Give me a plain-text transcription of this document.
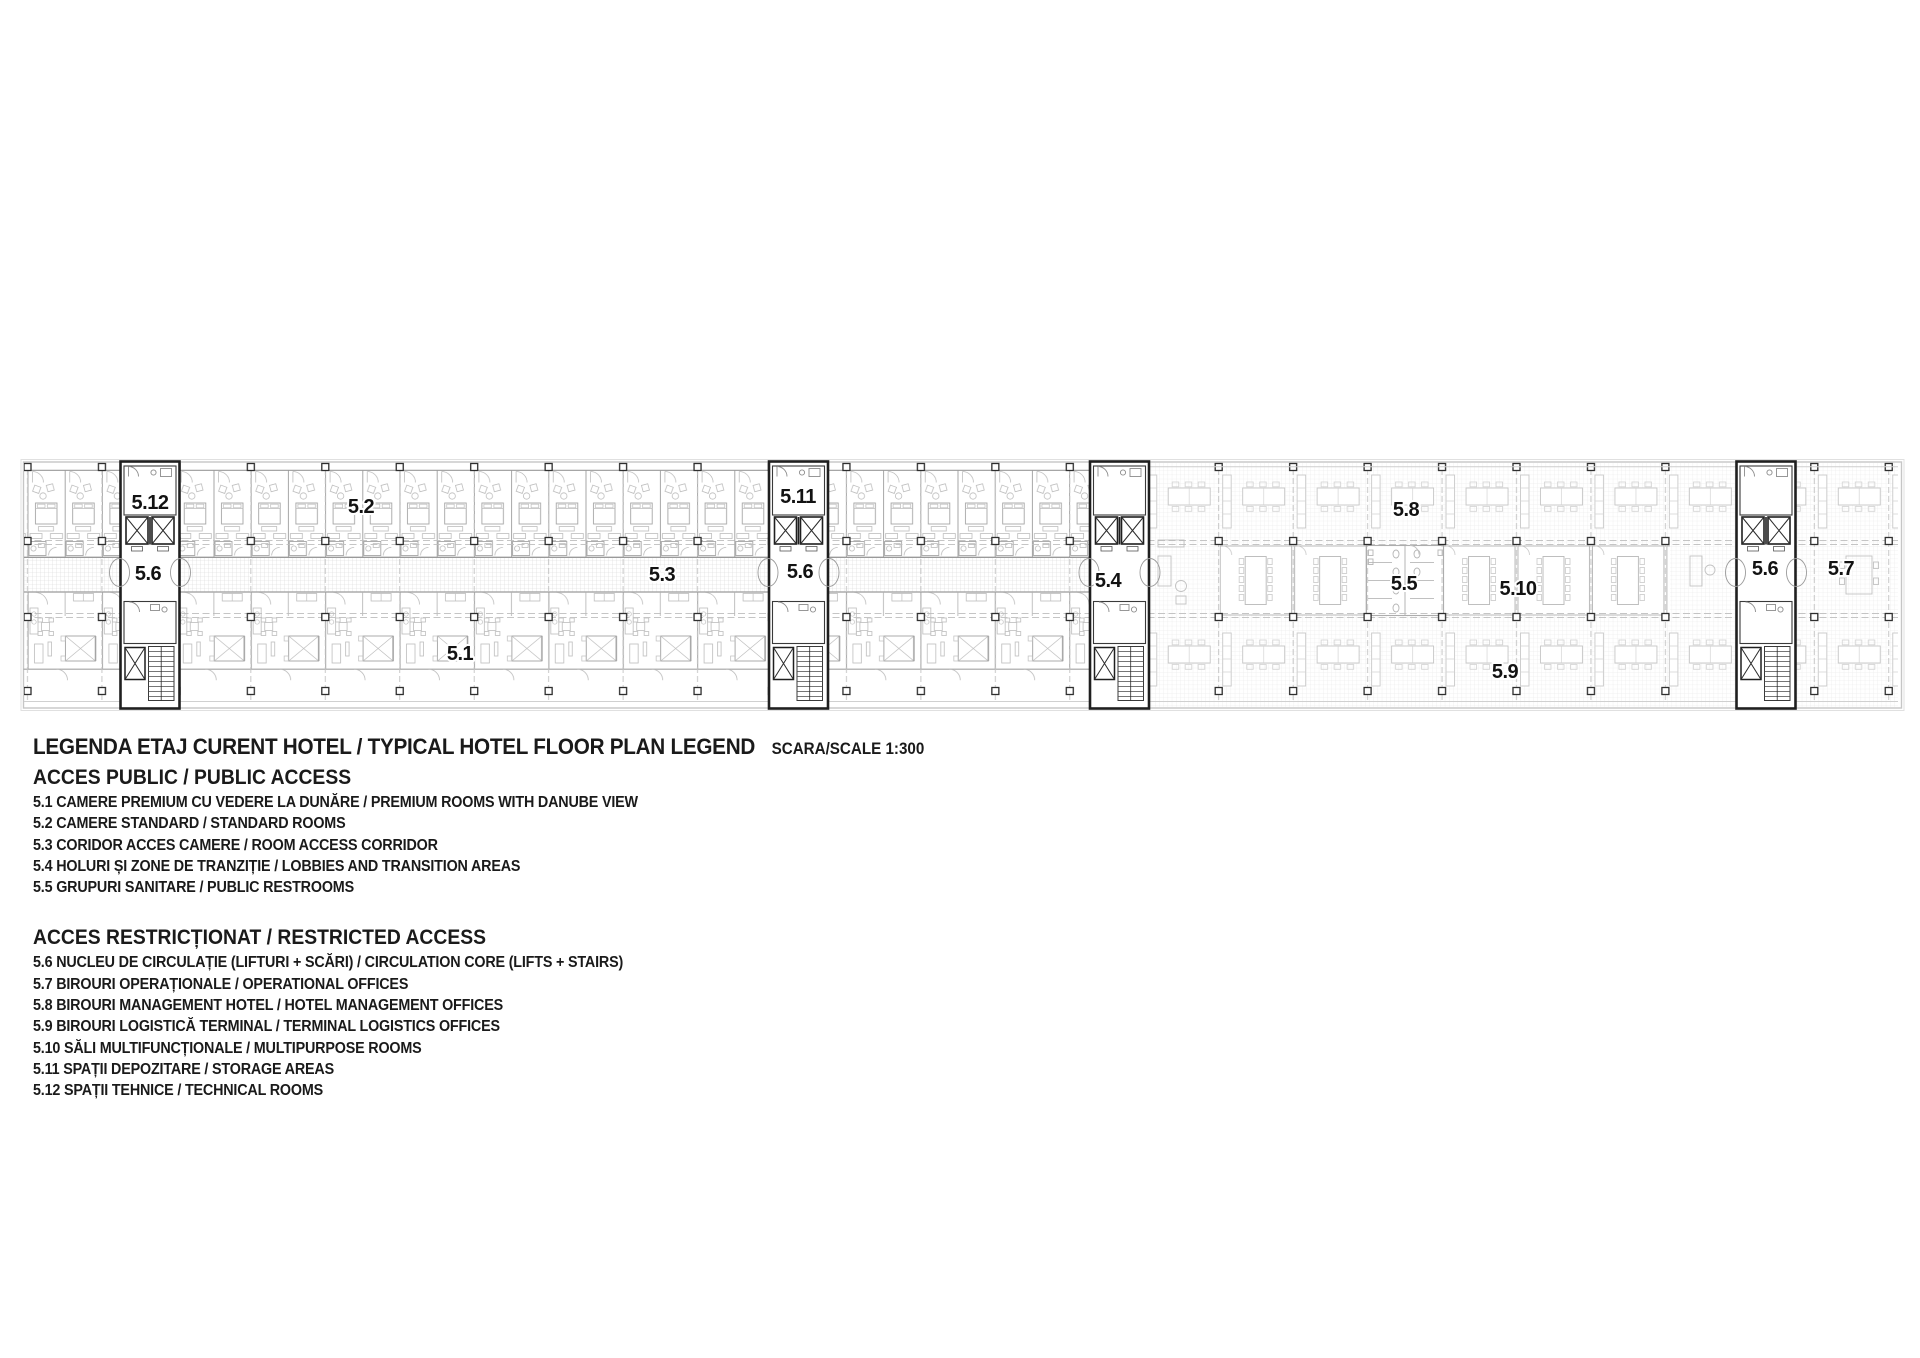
5.12	5.2	5.11
5.8
5.6	5.3	5.6	5.4	5.5	5.10
5.6 5.7
5.1
5.9
LEGENDA ETAJ CURENT HOTEL / TYPICAL HOTEL FLOOR PLAN LEGEND SCARA/SCALE 1:300
ACCES PUBLIC / PUBLIC ACCESS
5.1 CAMERE PREMIUM CU VEDERE LA DUNĂRE / PREMIUM ROOMS WITH DANUBE VIEW
5.2 CAMERE STANDARD / STANDARD ROOMS
5.3 CORIDOR ACCES CAMERE / ROOM ACCESS CORRIDOR
5.4 HOLURI ȘI ZONE DE TRANZIȚIE / LOBBIES AND TRANSITION AREAS
5.5 GRUPURI SANITARE / PUBLIC RESTROOMS
ACCES RESTRICȚIONAT / RESTRICTED ACCESS
5.6 NUCLEU DE CIRCULAȚIE (LIFTURI + SCĂRI) / CIRCULATION CORE (LIFTS + STAIRS)
5.7 BIROURI OPERAȚIONALE / OPERATIONAL OFFICES
5.8 BIROURI MANAGEMENT HOTEL / HOTEL MANAGEMENT OFFICES
5.9 BIROURI LOGISTICĂ TERMINAL / TERMINAL LOGISTICS OFFICES
5.10 SĂLI MULTIFUNCȚIONALE / MULTIPURPOSE ROOMS
5.11 SPAȚII DEPOZITARE / STORAGE AREAS
5.12 SPAȚII TEHNICE / TECHNICAL ROOMS
